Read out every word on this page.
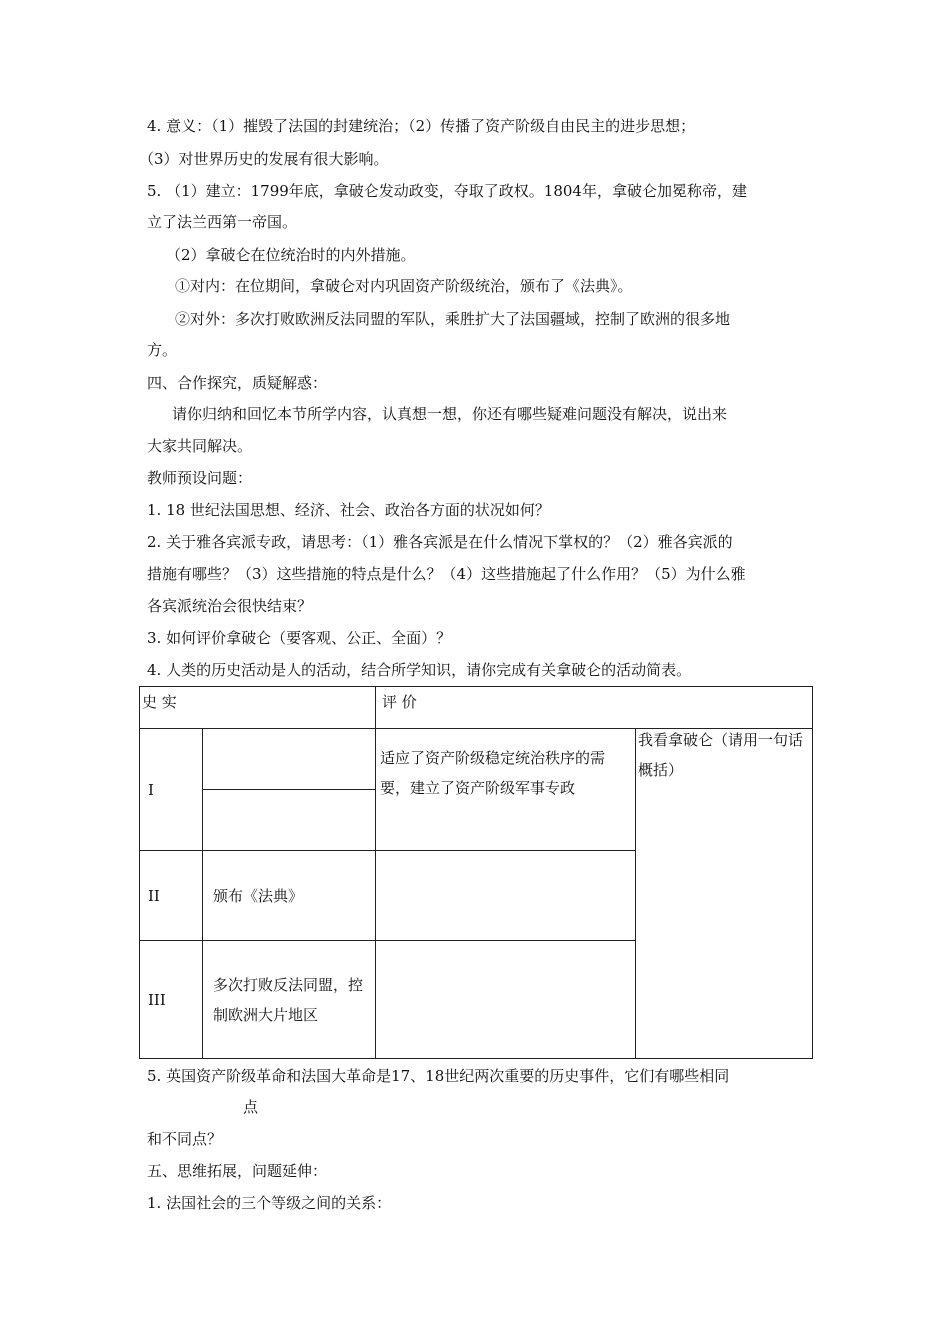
4. 意义：（1）摧毁了法国的封建统治；（2）传播了资产阶级自由民主的进步思想；
（3）对世界历史的发展有很大影响。
5. （1）建立：1799年底，拿破仑发动政变，夺取了政权。1804年，拿破仑加冕称帝，建
立了法兰西第一帝国。
（2）拿破仑在位统治时的内外措施。
①对内：在位期间，拿破仑对内巩固资产阶级统治，颁布了《法典》。
②对外：多次打败欧洲反法同盟的军队，乘胜扩大了法国疆域，控制了欧洲的很多地
方。
四、合作探究，质疑解惑：
请你归纳和回忆本节所学内容，认真想一想，你还有哪些疑难问题没有解决，说出来
大家共同解决。
教师预设问题：
1. 18 世纪法国思想、经济、社会、政治各方面的状况如何？
2. 关于雅各宾派专政，请思考：（1）雅各宾派是在什么情况下掌权的？（2）雅各宾派的
措施有哪些？（3）这些措施的特点是什么？（4）这些措施起了什么作用？（5）为什么雅
各宾派统治会很快结束？
3. 如何评价拿破仑（要客观、公正、全面）？
4. 人类的历史活动是人的活动，结合所学知识，请你完成有关拿破仑的活动简表。
5. 英国资产阶级革命和法国大革命是17、18世纪两次重要的历史事件，它们有哪些相同
点
和不同点？
五、思维拓展，问题延伸：
1. 法国社会的三个等级之间的关系：
史 实		评 价	
I		适应了资产阶级稳定统治秩序的需要，建立了资产阶级军事专政	我看拿破仑（请用一句话概括）

II	颁布《法典》		
III	多次打败反法同盟，控制欧洲大片地区		
